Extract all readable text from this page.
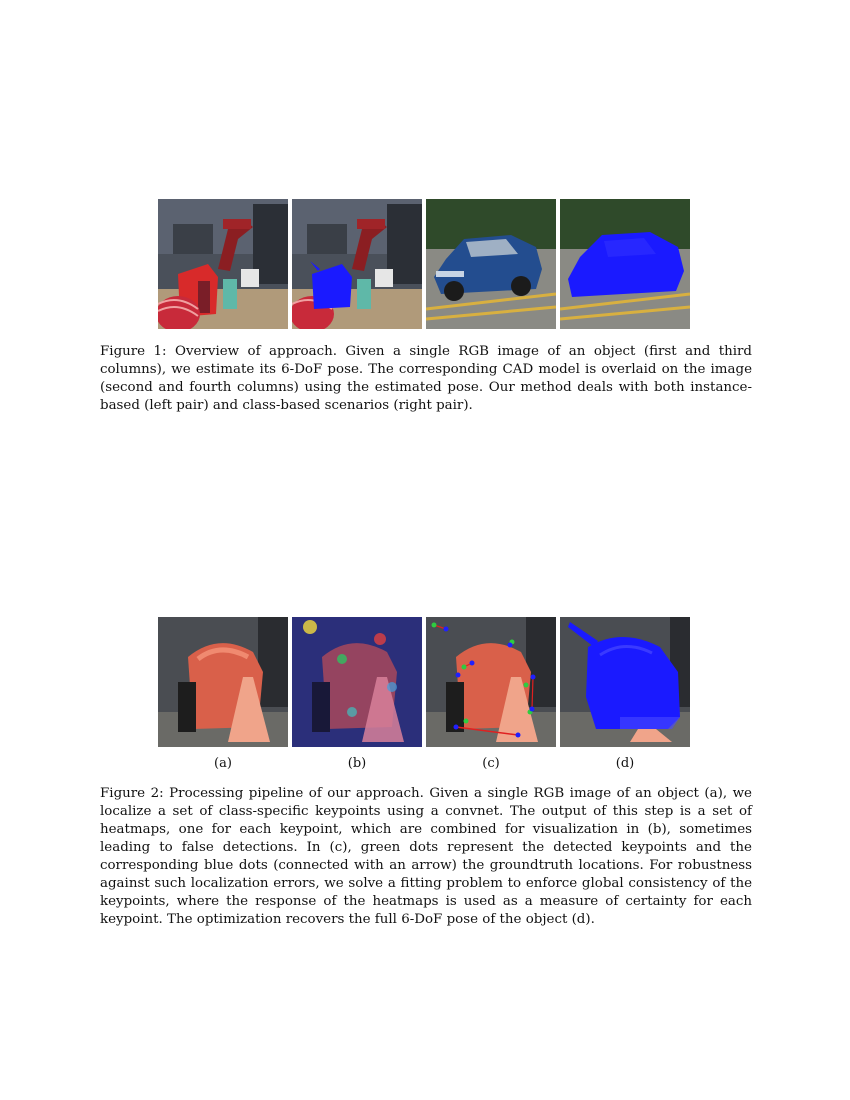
Figure 1: Overview of approach. Given a single RGB image of an object (first and third columns), we estimate its 6-DoF pose. The corresponding CAD model is overlaid on the image (second and fourth columns) using the estimated pose. Our method deals with both instance-based (left pair) and class-based scenarios (right pair).

(a)	(b)	(c)	(d)

Figure 2: Processing pipeline of our approach. Given a single RGB image of an object (a), we localize a set of class-specific keypoints using a convnet. The output of this step is a set of heatmaps, one for each keypoint, which are combined for visualization in (b), sometimes leading to false detections. In (c), green dots represent the detected keypoints and the corresponding blue dots (connected with an arrow) the groundtruth locations. For robustness against such localization errors, we solve a fitting problem to enforce global consistency of the keypoints, where the response of the heatmaps is used as a measure of certainty for each keypoint. The optimization recovers the full 6-DoF pose of the object (d).
